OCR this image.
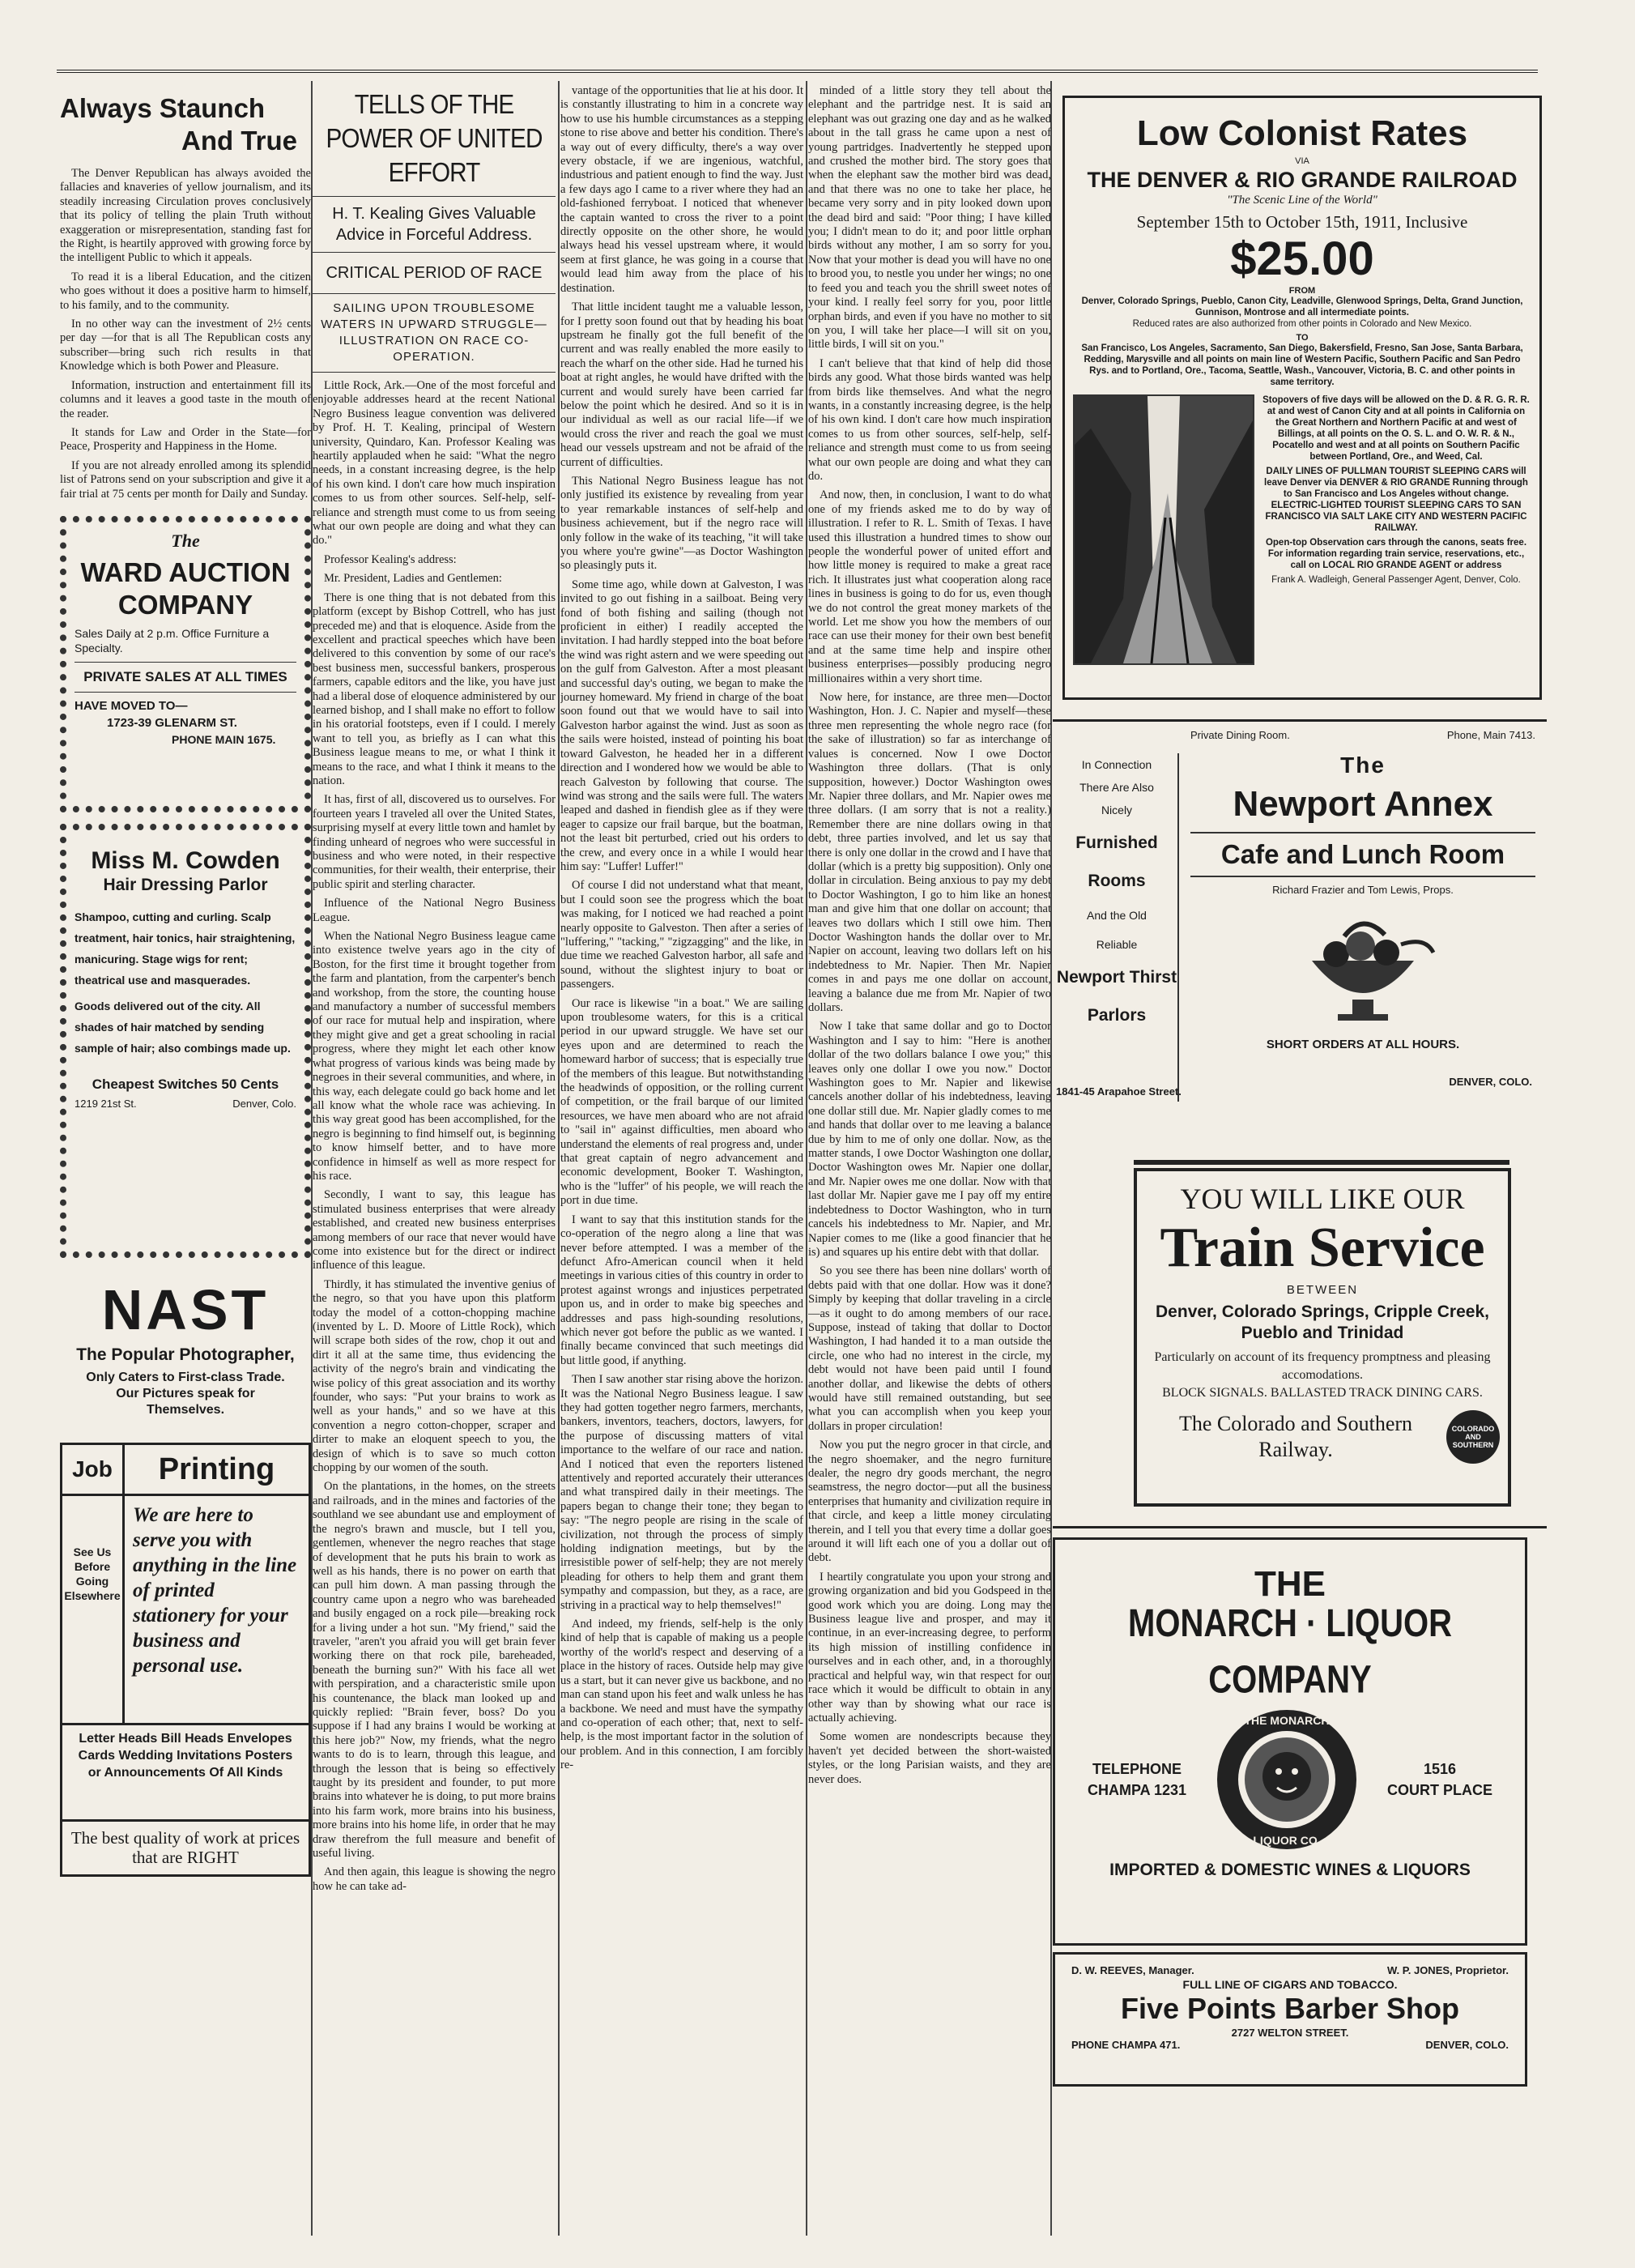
Always Staunch
And True

The Denver Republican has always avoided the fallacies and knaveries of yellow journalism, and its steadily increasing Circulation proves conclusively that its policy of telling the plain Truth without exaggeration or misrepresentation, standing fast for the Right, is heartily approved with growing force by the intelligent Public to which it appeals.

To read it is a liberal Education, and the citizen who goes without it does a positive harm to himself, to his family, and to the community.

In no other way can the investment of 2½ cents per day —for that is all The Republican costs any subscriber—bring such rich results in that Knowledge which is both Power and Pleasure.

Information, instruction and entertainment fill its columns and it leaves a good taste in the mouth of the reader.

It stands for Law and Order in the State—for Peace, Prosperity and Happiness in the Home.

If you are not already enrolled among its splendid list of Patrons send on your subscription and give it a fair trial at 75 cents per month for Daily and Sunday.

The
WARD AUCTION COMPANY
Sales Daily at 2 p.m. Office Furniture a Specialty.
PRIVATE SALES AT ALL TIMES
HAVE MOVED TO—
1723-39 GLENARM ST.
PHONE MAIN 1675.
Miss M. Cowden
Hair Dressing Parlor
Shampoo, cutting and curling. Scalp treatment, hair tonics, hair straightening, manicuring. Stage wigs for rent; theatrical use and masquerades.
Goods delivered out of the city. All shades of hair matched by sending sample of hair; also combings made up.
Cheapest Switches 50 Cents
1219 21st St.	Denver, Colo.
NAST
The Popular Photographer,
Only Caters to First-class Trade. Our Pictures speak for Themselves.
Job	Printing
See Us Before Going Elsewhere
We are here to serve you with anything in the line of printed stationery for your business and personal use.
Letter Heads Bill Heads Envelopes Cards Wedding Invitations Posters or Announcements Of All Kinds
The best quality of work at prices that are RIGHT
TELLS OF THE POWER OF UNITED EFFORT
H. T. Kealing Gives Valuable Advice in Forceful Address.
CRITICAL PERIOD OF RACE
SAILING UPON TROUBLESOME WATERS IN UPWARD STRUGGLE—ILLUSTRATION ON RACE CO-OPERATION.

Little Rock, Ark.—One of the most forceful and enjoyable addresses heard at the recent National Negro Business league convention was delivered by Prof. H. T. Kealing, principal of Western university, Quindaro, Kan. Professor Kealing was heartily applauded when he said: "What the negro needs, in a constant increasing degree, is the help of his own kind. I don't care how much inspiration comes to us from other sources. Self-help, self-reliance and strength must come to us from seeing what our own people are doing and what they can do."

Professor Kealing's address:

Mr. President, Ladies and Gentlemen:

There is one thing that is not debated from this platform (except by Bishop Cottrell, who has just preceded me) and that is eloquence. Aside from the excellent and practical speeches which have been delivered to this convention by some of our race's best business men, successful bankers, prosperous farmers, capable editors and the like, you have just had a liberal dose of eloquence administered by our learned bishop, and I shall make no effort to follow in his oratorial footsteps, even if I could. I merely want to tell you, as briefly as I can what this Business league means to me, or what I think it means to the race, and what I think it means to the nation.

It has, first of all, discovered us to ourselves. For fourteen years I traveled all over the United States, surprising myself at every little town and hamlet by finding unheard of negroes who were successful in business and who were noted, in their respective communities, for their wealth, their enterprise, their public spirit and sterling character.

Influence of the National Negro Business League.

When the National Negro Business league came into existence twelve years ago in the city of Boston, for the first time it brought together from the farm and plantation, from the carpenter's bench and workshop, from the store, the counting house and manufactory a number of successful members of our race for mutual help and inspiration, where they might give and get a great schooling in racial progress, where they might let each other know what progress of various kinds was being made by negroes in their several communities, and where, in this way, each delegate could go back home and let all know what the whole race was achieving. In this way great good has been accomplished, for the negro is beginning to find himself out, is beginning to know himself better, and to have more confidence in himself as well as more respect for his race.

Secondly, I want to say, this league has stimulated business enterprises that were already established, and created new business enterprises among members of our race that never would have come into existence but for the direct or indirect influence of this league.

Thirdly, it has stimulated the inventive genius of the negro, so that you have upon this platform today the model of a cotton-chopping machine (invented by L. D. Moore of Little Rock), which will scrape both sides of the row, chop it out and dirt it all at the same time, thus evidencing the activity of the negro's brain and vindicating the wise policy of this great association and its worthy founder, who says: "Put your brains to work as well as your hands," and so we have at this convention a negro cotton-chopper, scraper and dirter to make an eloquent speech to you, the design of which is to save so much cotton chopping by our women of the south.

On the plantations, in the homes, on the streets and railroads, and in the mines and factories of the southland we see abundant use and employment of the negro's brawn and muscle, but I tell you, gentlemen, whenever the negro reaches that stage of development that he puts his brain to work as well as his hands, there is no power on earth that can pull him down. A man passing through the country came upon a negro who was bareheaded and busily engaged on a rock pile—breaking rock for a living under a hot sun. "My friend," said the traveler, "aren't you afraid you will get brain fever working there on that rock pile, bareheaded, beneath the burning sun?" With his face all wet with perspiration, and a characteristic smile upon his countenance, the black man looked up and quickly replied: "Brain fever, boss? Do you suppose if I had any brains I would be working at this here job?" Now, my friends, what the negro wants to do is to learn, through this league, and through the lesson that is being so effectively taught by its president and founder, to put more brains into whatever he is doing, to put more brains into his farm work, more brains into his business, more brains into his home life, in order that he may draw therefrom the full measure and benefit of useful living.

And then again, this league is showing the negro how he can take ad-

vantage of the opportunities that lie at his door. It is constantly illustrating to him in a concrete way how to use his humble circumstances as a stepping stone to rise above and better his condition. There's a way out of every difficulty, there's a way over every obstacle, if we are ingenious, watchful, industrious and patient enough to find the way. Just a few days ago I came to a river where they had an old-fashioned ferryboat. I noticed that whenever the captain wanted to cross the river to a point directly opposite on the other shore, he would always head his vessel upstream where, it would seem at first glance, he was going in a course that would lead him away from the place of his destination.

That little incident taught me a valuable lesson, for I pretty soon found out that by heading his boat upstream he finally got the full benefit of the current and was really enabled the more easily to reach the wharf on the other side. Had he turned his boat at right angles, he would have drifted with the current and would surely have been carried far below the point which he desired. And so it is in our individual as well as our racial life—if we would cross the river and reach the goal we must head our vessels upstream and not be afraid of the current of difficulties.

This National Negro Business league has not only justified its existence by revealing from year to year remarkable instances of self-help and business achievement, but if the negro race will only follow in the wake of its teaching, "it will take you where you're gwine"—as Doctor Washington so pleasingly puts it.

Some time ago, while down at Galveston, I was invited to go out fishing in a sailboat. Being very fond of both fishing and sailing (though not proficient in either) I readily accepted the invitation. I had hardly stepped into the boat before the wind was right astern and we were speeding out on the gulf from Galveston. After a most pleasant and successful day's outing, we began to make the journey homeward. My friend in charge of the boat soon found out that we would have to sail into Galveston harbor against the wind. Just as soon as the sails were hoisted, instead of pointing his boat toward Galveston, he headed her in a different direction and I wondered how we would be able to reach Galveston by following that course. The wind was strong and the sails were full. The waters leaped and dashed in fiendish glee as if they were eager to capsize our frail barque, but the boatman, not the least bit perturbed, cried out his orders to the crew, and every once in a while I would hear him say: "Luffer! Luffer!"

Of course I did not understand what that meant, but I could soon see the progress which the boat was making, for I noticed we had reached a point nearly opposite to Galveston. Then after a series of "luffering," "tacking," "zigzagging" and the like, in due time we reached Galveston harbor, all safe and sound, without the slightest injury to boat or passengers.

Our race is likewise "in a boat." We are sailing upon troublesome waters, for this is a critical period in our upward struggle. We have set our eyes upon and are determined to reach the homeward harbor of success; that is especially true of the members of this league. But notwithstanding the headwinds of opposition, or the rolling current of competition, or the frail barque of our limited resources, we have men aboard who are not afraid to "sail in" against difficulties, men aboard who understand the elements of real progress and, under that great captain of negro advancement and economic development, Booker T. Washington, who is the "luffer" of his people, we will reach the port in due time.

I want to say that this institution stands for the co-operation of the negro along a line that was never before attempted. I was a member of the defunct Afro-American council when it held meetings in various cities of this country in order to protest against wrongs and injustices perpetrated upon us, and in order to make big speeches and addresses and pass high-sounding resolutions, which never got before the public as we wanted. I finally became convinced that such meetings did but little good, if anything.

Then I saw another star rising above the horizon. It was the National Negro Business league. I saw they had gotten together negro farmers, merchants, bankers, inventors, teachers, doctors, lawyers, for the purpose of discussing matters of vital importance to the welfare of our race and nation. And I noticed that even the reporters listened attentively and reported accurately their utterances and what transpired daily in their meetings. The papers began to change their tone; they began to say: "The negro people are rising in the scale of civilization, not through the process of simply holding indignation meetings, but by the irresistible power of self-help; they are not merely pleading for others to help them and grant them sympathy and compassion, but they, as a race, are striving in a practical way to help themselves!"

And indeed, my friends, self-help is the only kind of help that is capable of making us a people worthy of the world's respect and deserving of a place in the history of races. Outside help may give us a start, but it can never give us backbone, and no man can stand upon his feet and walk unless he has a backbone. We need and must have the sympathy and co-operation of each other; that, next to self-help, is the most important factor in the solution of our problem. And in this connection, I am forcibly re-

minded of a little story they tell about the elephant and the partridge nest. It is said an elephant was out grazing one day and as he walked about in the tall grass he came upon a nest of young partridges. Inadvertently he stepped upon and crushed the mother bird. The story goes that when the elephant saw the mother bird was dead, and that there was no one to take her place, he became very sorry and in pity looked down upon the dead bird and said: "Poor thing; I have killed you; I didn't mean to do it; and poor little orphan birds without any mother, I am so sorry for you. Now that your mother is dead you will have no one to brood you, to nestle you under her wings; no one to feed you and teach you the shrill sweet notes of your kind. I really feel sorry for you, poor little orphan birds, and even if you have no mother to sit on you, I will take her place—I will sit on you, little birds, I will sit on you."

I can't believe that that kind of help did those birds any good. What those birds wanted was help from birds like themselves. And what the negro wants, in a constantly increasing degree, is the help of his own kind. I don't care how much inspiration comes to us from other sources, self-help, self-reliance and strength must come to us from seeing what our own people are doing and what they can do.

And now, then, in conclusion, I want to do what one of my friends asked me to do by way of illustration. I refer to R. L. Smith of Texas. I have used this illustration a hundred times to show our people the wonderful power of united effort and how little money is required to make a great race rich. It illustrates just what cooperation along race lines in business is going to do for us, even though we do not control the great money markets of the world. Let me show you how the members of our race can use their money for their own best benefit and at the same time help and inspire other business enterprises—possibly producing negro millionaires within a very short time.

Now here, for instance, are three men—Doctor Washington, Hon. J. C. Napier and myself—these three men representing the whole negro race (for the sake of illustration) so far as interchange of values is concerned. Now I owe Doctor Washington three dollars. (That is only supposition, however.) Doctor Washington owes Mr. Napier three dollars, and Mr. Napier owes me three dollars. (I am sorry that is not a reality.) Remember there are nine dollars owing in that debt, three parties involved, and let us say that there is only one dollar in the crowd and I have that dollar (which is a pretty big supposition). Only one dollar in circulation. Being anxious to pay my debt to Doctor Washington, I go to him like an honest man and give him that one dollar on account; that leaves two dollars which I still owe him. Then Doctor Washington hands the dollar over to Mr. Napier on account, leaving two dollars left on his indebtedness to Mr. Napier. Then Mr. Napier comes in and pays me one dollar on account, leaving a balance due me from Mr. Napier of two dollars.

Now I take that same dollar and go to Doctor Washington and I say to him: "Here is another dollar of the two dollars balance I owe you;" this leaves only one dollar I owe you now." Doctor Washington goes to Mr. Napier and likewise cancels another dollar of his indebtedness, leaving one dollar still due. Mr. Napier gladly comes to me and hands that dollar over to me leaving a balance due by him to me of only one dollar. Now, as the matter stands, I owe Doctor Washington one dollar, Doctor Washington owes Mr. Napier one dollar, and Mr. Napier owes me one dollar. Now with that last dollar Mr. Napier gave me I pay off my entire indebtedness to Doctor Washington, who in turn cancels his indebtedness to Mr. Napier, and Mr. Napier comes to me (like a good financier that he is) and squares up his entire debt with that dollar.

So you see there has been nine dollars' worth of debts paid with that one dollar. How was it done? Simply by keeping that dollar traveling in a circle—as it ought to do among members of our race. Suppose, instead of taking that dollar to Doctor Washington, I had handed it to a man outside the circle, one who had no interest in the circle, my debt would not have been paid until I found another dollar, and likewise the debts of others would have still remained outstanding, but see what you can accomplish when you keep your dollars in proper circulation!

Now you put the negro grocer in that circle, and the negro shoemaker, and the negro furniture dealer, the negro dry goods merchant, the negro seamstress, the negro doctor—put all the business enterprises that humanity and civilization require in that circle, and keep a little money circulating therein, and I tell you that every time a dollar goes around it will lift each one of you a dollar out of debt.

I heartily congratulate you upon your strong and growing organization and bid you Godspeed in the good work which you are doing. Long may the Business league live and prosper, and may it continue, in an ever-increasing degree, to perform its high mission of instilling confidence in ourselves and in each other, and, in a thoroughly practical and helpful way, win that respect for our race which it would be difficult to obtain in any other way than by showing what our race is actually achieving.

Some women are nondescripts because they haven't yet decided between the short-waisted styles, or the long Parisian waists, and they are never does.

Low Colonist Rates
VIA
THE DENVER & RIO GRANDE RAILROAD
"The Scenic Line of the World"
September 15th to October 15th, 1911, Inclusive
$25.00
FROM
Denver, Colorado Springs, Pueblo, Canon City, Leadville, Glenwood Springs, Delta, Grand Junction, Gunnison, Montrose and all intermediate points.
Reduced rates are also authorized from other points in Colorado and New Mexico.
TO
San Francisco, Los Angeles, Sacramento, San Diego, Bakersfield, Fresno, San Jose, Santa Barbara, Redding, Marysville and all points on main line of Western Pacific, Southern Pacific and San Pedro Rys. and to Portland, Ore., Tacoma, Seattle, Wash., Vancouver, Victoria, B. C. and other points in same territory.
Stopovers of five days will be allowed on the D. & R. G. R. R. at and west of Canon City and at all points in California on the Great Northern and Northern Pacific at and west of Billings, at all points on the O. S. L. and O. W. R. & N., Pocatello and west and at all points on Southern Pacific between Portland, Ore., and Weed, Cal.
DAILY LINES OF PULLMAN TOURIST SLEEPING CARS will leave Denver via DENVER & RIO GRANDE Running through to San Francisco and Los Angeles without change. ELECTRIC-LIGHTED TOURIST SLEEPING CARS TO SAN FRANCISCO VIA SALT LAKE CITY AND WESTERN PACIFIC RAILWAY.
Open-top Observation cars through the canons, seats free. For information regarding train service, reservations, etc., call on LOCAL RIO GRANDE AGENT or address
Frank A. Wadleigh, General Passenger Agent, Denver, Colo.
In Connection
There Are Also
Nicely
Furnished
Rooms
And the Old
Reliable
Newport Thirst
Parlors
1841-45 Arapahoe Street.
Private Dining Room.	Phone, Main 7413.
The
Newport Annex
Cafe and Lunch Room
Richard Frazier and Tom Lewis, Props.
SHORT ORDERS AT ALL HOURS.
DENVER, COLO.
YOU WILL LIKE OUR
Train Service
BETWEEN
Denver, Colorado Springs, Cripple Creek, Pueblo and Trinidad
Particularly on account of its frequency promptness and pleasing accomodations.
BLOCK SIGNALS. BALLASTED TRACK DINING CARS.
The Colorado and Southern Railway.
COLORADO AND SOUTHERN
THE
MONARCH · LIQUOR COMPANY
TELEPHONE
CHAMPA 1231
THE MONARCH
LIQUOR CO.
1516
COURT PLACE
IMPORTED & DOMESTIC WINES & LIQUORS
D. W. REEVES, Manager.	W. P. JONES, Proprietor.
FULL LINE OF CIGARS AND TOBACCO.
Five Points Barber Shop
2727 WELTON STREET.
PHONE CHAMPA 471.	DENVER, COLO.
